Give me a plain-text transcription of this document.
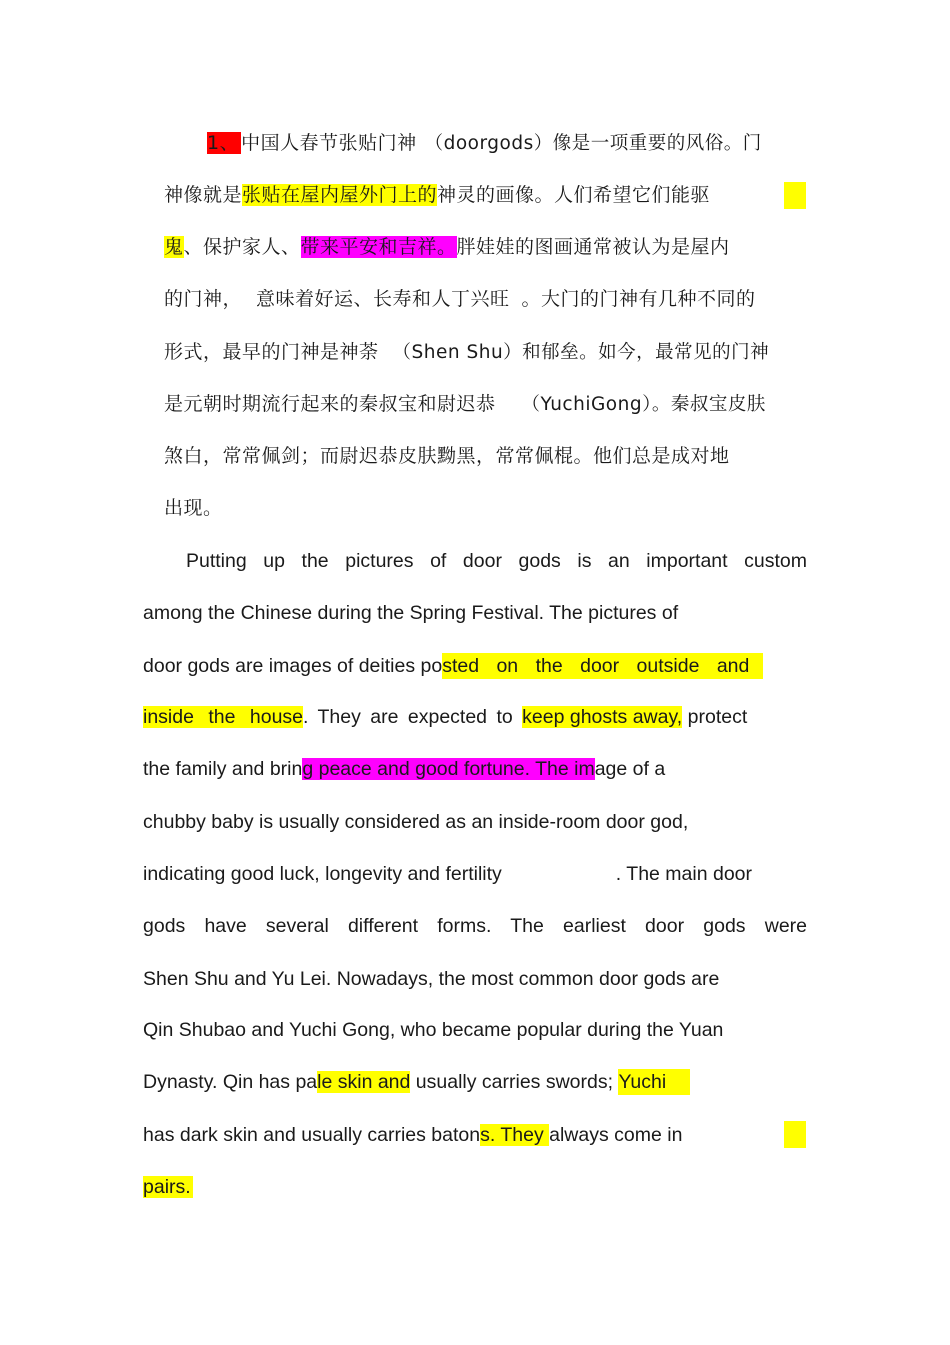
1、 中国人春节张贴门神 （doorgods）像是一项重要的风俗。门
神像就是张贴在屋内屋外门上的神灵的画像。人们希望它们能驱
鬼、保护家人、带来平安和吉祥。胖娃娃的图画通常被认为是屋内
的门神， 意味着好运、长寿和人丁兴旺 。大门的门神有几种不同的
形式，最早的门神是神荼 （Shen Shu）和郁垒。如今，最常见的门神
是元朝时期流行起来的秦叔宝和尉迟恭 （YuchiGong）。秦叔宝皮肤
煞白，常常佩剑；而尉迟恭皮肤黝黑，常常佩棍。他们总是成对地
出现。
Putting up the pictures of door gods is an important custom
among the Chinese during the Spring Festival. The pictures of
door gods are images of deities posted on the door outside and
inside the house. They are expected to keep ghosts away, protect
the family and bring peace and good fortune. The image of a
chubby baby is usually considered as an inside-room door god,
indicating good luck, longevity and fertility	. The main door
gods have several different forms. The earliest door gods were
Shen Shu and Yu Lei. Nowadays, the most common door gods are
Qin Shubao and Yuchi Gong, who became popular during the Yuan
Dynasty. Qin has pale skin and usually carries swords; Yuchi
has dark skin and usually carries batons. They always come in
pairs.
